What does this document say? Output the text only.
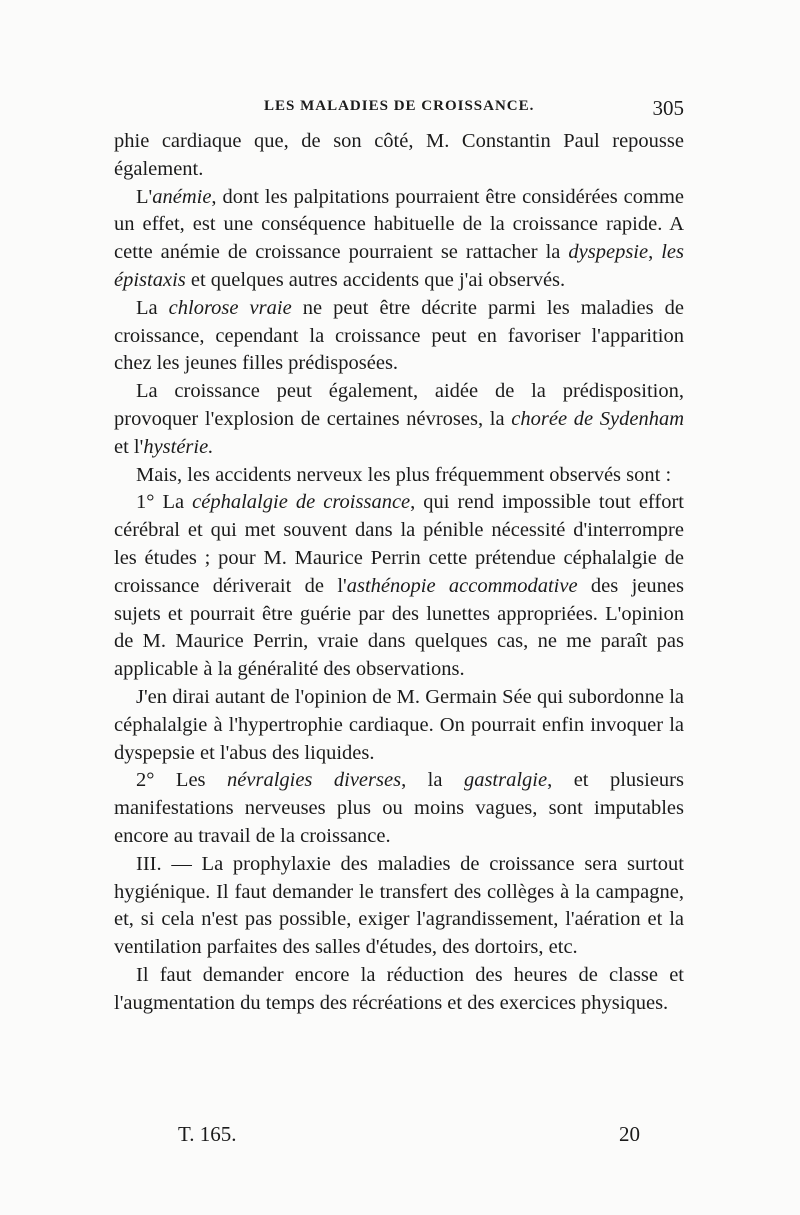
LES MALADIES DE CROISSANCE.	305

phie cardiaque que, de son côté, M. Constantin Paul repousse également.

L'anémie, dont les palpitations pourraient être considérées comme un effet, est une conséquence habituelle de la croissance rapide. A cette anémie de croissance pourraient se rattacher la dyspepsie, les épistaxis et quelques autres accidents que j'ai observés.

La chlorose vraie ne peut être décrite parmi les maladies de croissance, cependant la croissance peut en favoriser l'apparition chez les jeunes filles prédisposées.

La croissance peut également, aidée de la prédisposition, provoquer l'explosion de certaines névroses, la chorée de Sydenham et l'hystérie.

Mais, les accidents nerveux les plus fréquemment observés sont :

1° La céphalalgie de croissance, qui rend impossible tout effort cérébral et qui met souvent dans la pénible nécessité d'interrompre les études ; pour M. Maurice Perrin cette prétendue céphalalgie de croissance dériverait de l'asthénopie accommodative des jeunes sujets et pourrait être guérie par des lunettes appropriées. L'opinion de M. Maurice Perrin, vraie dans quelques cas, ne me paraît pas applicable à la généralité des observations.

J'en dirai autant de l'opinion de M. Germain Sée qui subordonne la céphalalgie à l'hypertrophie cardiaque. On pourrait enfin invoquer la dyspepsie et l'abus des liquides.

2° Les névralgies diverses, la gastralgie, et plusieurs manifestations nerveuses plus ou moins vagues, sont imputables encore au travail de la croissance.

III. — La prophylaxie des maladies de croissance sera surtout hygiénique. Il faut demander le transfert des collèges à la campagne, et, si cela n'est pas possible, exiger l'agrandissement, l'aération et la ventilation parfaites des salles d'études, des dortoirs, etc.

Il faut demander encore la réduction des heures de classe et l'augmentation du temps des récréations et des exercices physiques.

T. 165.	20
